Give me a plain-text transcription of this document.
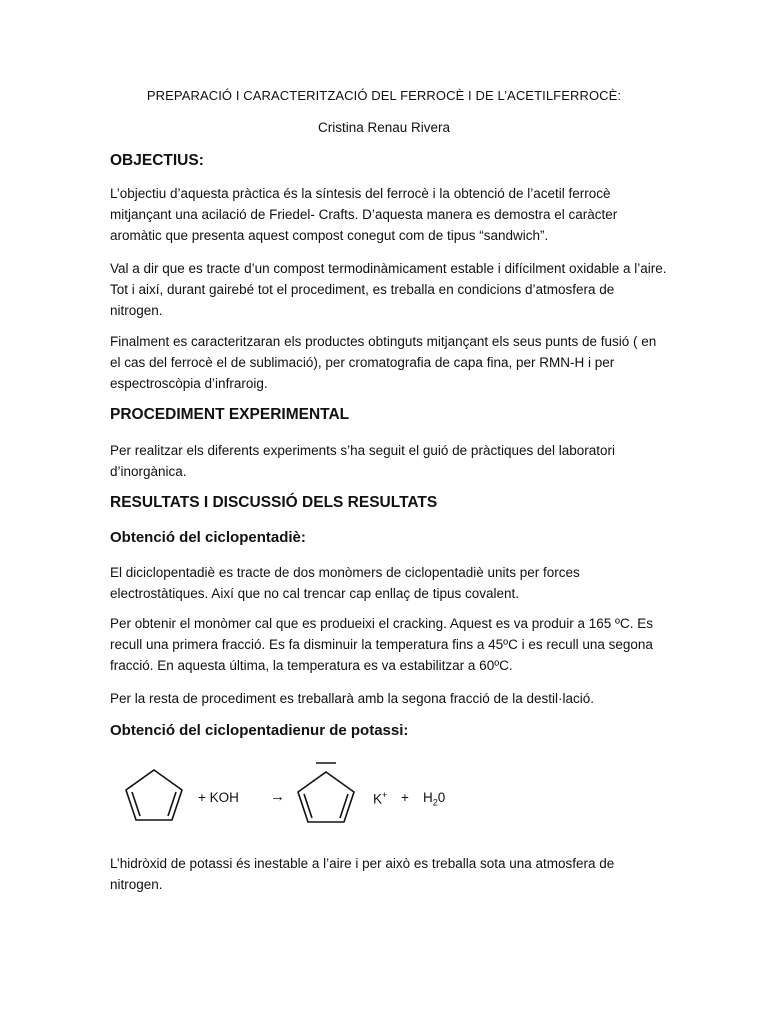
PREPARACIÓ I CARACTERITZACIÓ DEL FERROCÈ I DE L’ACETILFERROCÈ:
Cristina Renau Rivera
OBJECTIUS:

L’objectiu d’aquesta pràctica és la síntesis del ferrocè i la obtenció de l’acetil ferrocè mitjançant una acilació de Friedel- Crafts. D’aquesta manera es demostra el caràcter aromàtic que presenta aquest compost conegut com de tipus “sandwich”.

Val a dir que es tracte d’un compost termodinàmicament estable i difícilment oxidable a l’aire. Tot i així, durant gairebé tot el procediment, es treballa en condicions d’atmosfera de nitrogen.

Finalment es caracteritzaran els productes obtinguts mitjançant els seus punts de fusió ( en el cas del ferrocè el de sublimació), per cromatografia de capa fina, per RMN-H i per espectroscòpia d’infraroig.

PROCEDIMENT EXPERIMENTAL

Per realitzar els diferents experiments s’ha seguit el guió de pràctiques del laboratori d’inorgànica.

RESULTATS I DISCUSSIÓ DELS RESULTATS
Obtenció del ciclopentadiè:

El diciclopentadiè es tracte de dos monòmers de ciclopentadiè units per forces electrostàtiques. Així que no cal trencar cap enllaç de tipus covalent.

Per obtenir el monòmer cal que es produeixi el cracking. Aquest es va produir a 165 ºC. Es recull una primera fracció. Es fa disminuir la temperatura fins a 45ºC i es recull una segona fracció. En aquesta última, la temperatura es va estabilitzar a 60ºC.

Per la resta de procediment es treballarà amb la segona fracció de la destil·lació.

Obtenció del ciclopentadienur de potassi:
+ KOH →	$K^+ + H_20$

L’hidròxid de potassi és inestable a l’aire i per això es treballa sota una atmosfera de nitrogen.
